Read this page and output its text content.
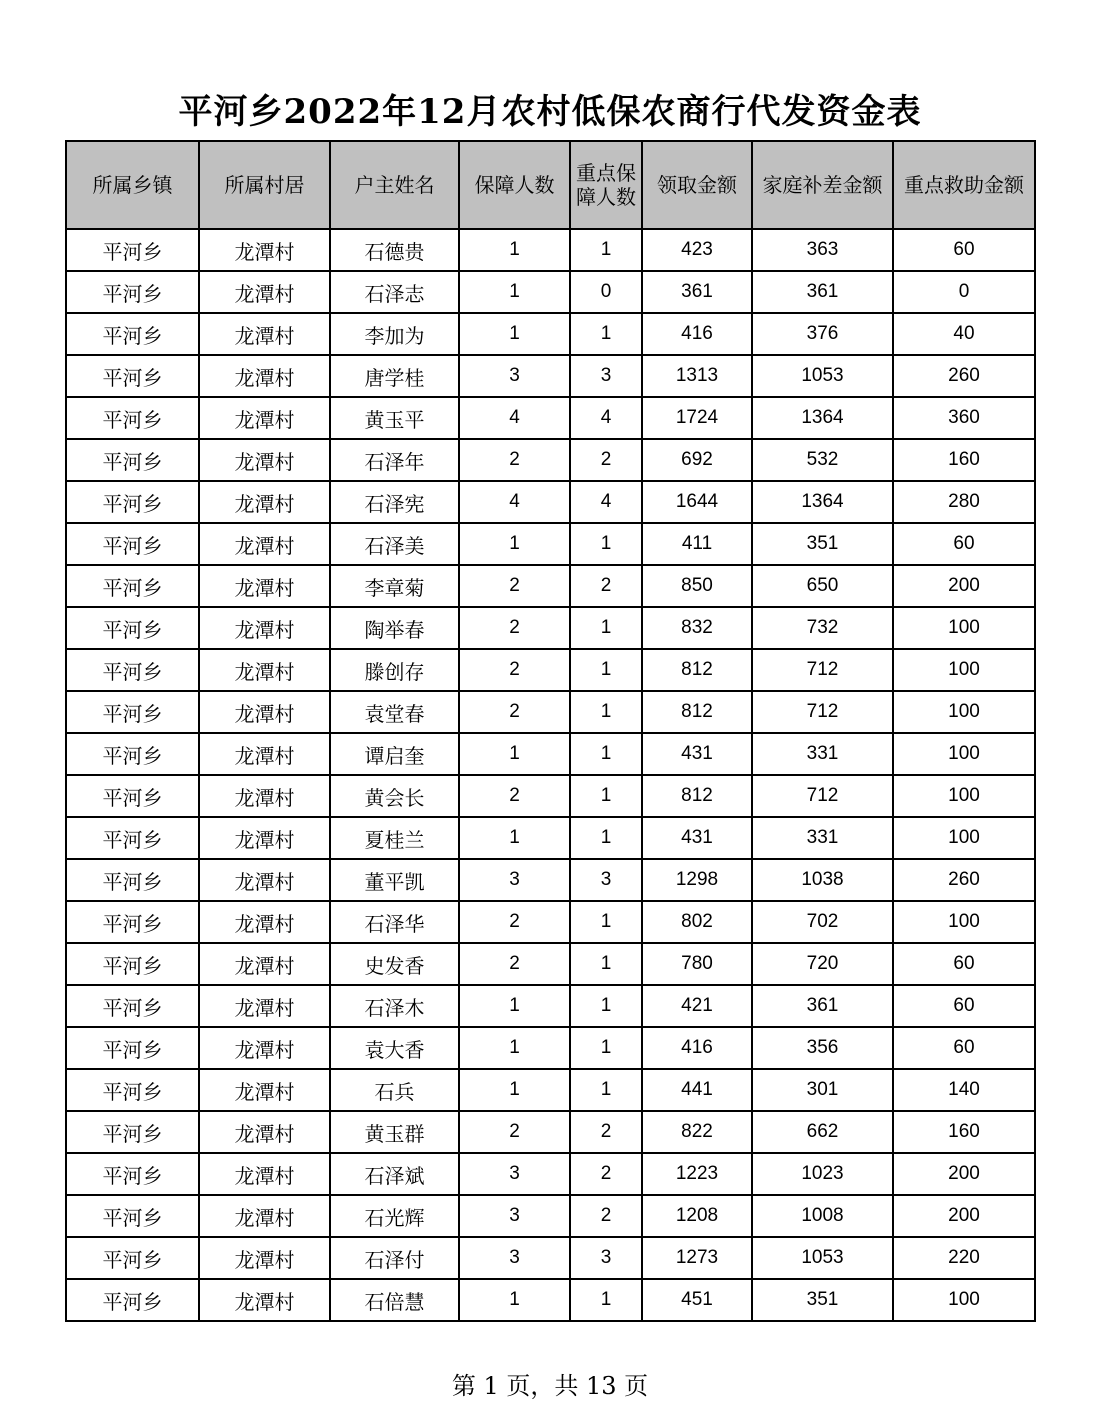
平河乡2022年12月农村低保农商行代发资金表
所属乡镇	所属村居	户主姓名	保障人数	重点保障人数	领取金额	家庭补差金额	重点救助金额
平河乡	龙潭村	石德贵	1	1	423	363	60
平河乡	龙潭村	石泽志	1	0	361	361	0
平河乡	龙潭村	李加为	1	1	416	376	40
平河乡	龙潭村	唐学桂	3	3	1313	1053	260
平河乡	龙潭村	黄玉平	4	4	1724	1364	360
平河乡	龙潭村	石泽年	2	2	692	532	160
平河乡	龙潭村	石泽宪	4	4	1644	1364	280
平河乡	龙潭村	石泽美	1	1	411	351	60
平河乡	龙潭村	李章菊	2	2	850	650	200
平河乡	龙潭村	陶举春	2	1	832	732	100
平河乡	龙潭村	滕创存	2	1	812	712	100
平河乡	龙潭村	袁堂春	2	1	812	712	100
平河乡	龙潭村	谭启奎	1	1	431	331	100
平河乡	龙潭村	黄会长	2	1	812	712	100
平河乡	龙潭村	夏桂兰	1	1	431	331	100
平河乡	龙潭村	董平凯	3	3	1298	1038	260
平河乡	龙潭村	石泽华	2	1	802	702	100
平河乡	龙潭村	史发香	2	1	780	720	60
平河乡	龙潭村	石泽木	1	1	421	361	60
平河乡	龙潭村	袁大香	1	1	416	356	60
平河乡	龙潭村	石兵	1	1	441	301	140
平河乡	龙潭村	黄玉群	2	2	822	662	160
平河乡	龙潭村	石泽斌	3	2	1223	1023	200
平河乡	龙潭村	石光辉	3	2	1208	1008	200
平河乡	龙潭村	石泽付	3	3	1273	1053	220
平河乡	龙潭村	石倍慧	1	1	451	351	100
第 1 页，共 13 页
